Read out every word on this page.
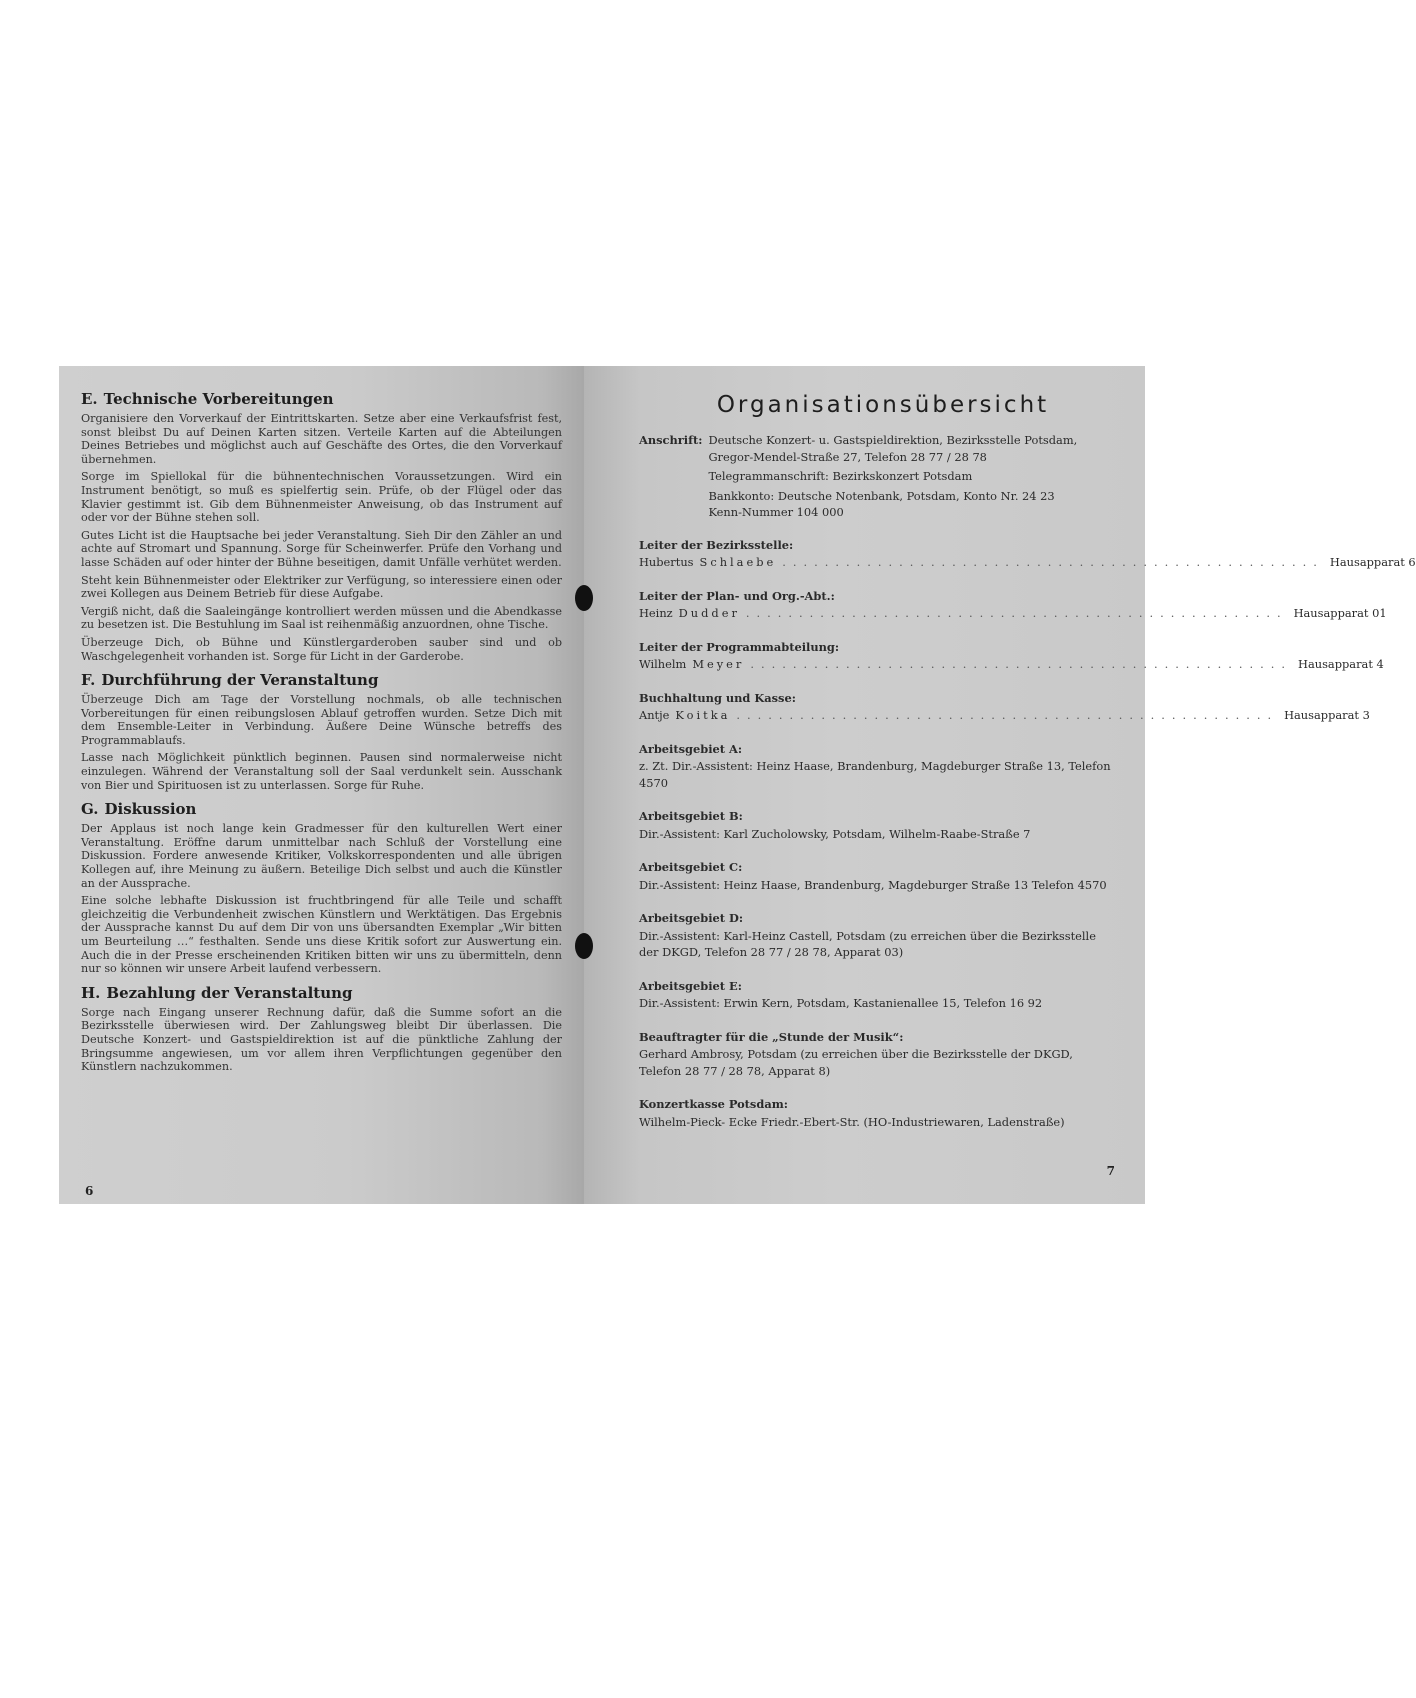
E. Technische Vorbereitungen

Organisiere den Vorverkauf der Eintrittskarten. Setze aber eine Verkaufsfrist fest, sonst bleibst Du auf Deinen Karten sitzen. Verteile Karten auf die Abteilungen Deines Betriebes und möglichst auch auf Geschäfte des Ortes, die den Vorverkauf übernehmen.

Sorge im Spiellokal für die bühnentechnischen Voraussetzungen. Wird ein Instrument benötigt, so muß es spielfertig sein. Prüfe, ob der Flügel oder das Klavier gestimmt ist. Gib dem Bühnenmeister Anweisung, ob das Instrument auf oder vor der Bühne stehen soll.

Gutes Licht ist die Hauptsache bei jeder Veranstaltung. Sieh Dir den Zähler an und achte auf Stromart und Spannung. Sorge für Scheinwerfer. Prüfe den Vorhang und lasse Schäden auf oder hinter der Bühne beseitigen, damit Unfälle verhütet werden.

Steht kein Bühnenmeister oder Elektriker zur Verfügung, so interessiere einen oder zwei Kollegen aus Deinem Betrieb für diese Aufgabe.

Vergiß nicht, daß die Saaleingänge kontrolliert werden müssen und die Abendkasse zu besetzen ist. Die Bestuhlung im Saal ist reihenmäßig anzuordnen, ohne Tische.

Überzeuge Dich, ob Bühne und Künstlergarderoben sauber sind und ob Waschgelegenheit vorhanden ist. Sorge für Licht in der Garderobe.

F. Durchführung der Veranstaltung

Überzeuge Dich am Tage der Vorstellung nochmals, ob alle technischen Vorbereitungen für einen reibungslosen Ablauf getroffen wurden. Setze Dich mit dem Ensemble-Leiter in Verbindung. Äußere Deine Wünsche betreffs des Programmablaufs.

Lasse nach Möglichkeit pünktlich beginnen. Pausen sind normalerweise nicht einzulegen. Während der Veranstaltung soll der Saal verdunkelt sein. Ausschank von Bier und Spirituosen ist zu unterlassen. Sorge für Ruhe.

G. Diskussion

Der Applaus ist noch lange kein Gradmesser für den kulturellen Wert einer Veranstaltung. Eröffne darum unmittelbar nach Schluß der Vorstellung eine Diskussion. Fordere anwesende Kritiker, Volkskorrespondenten und alle übrigen Kollegen auf, ihre Meinung zu äußern. Beteilige Dich selbst und auch die Künstler an der Aussprache.

Eine solche lebhafte Diskussion ist fruchtbringend für alle Teile und schafft gleichzeitig die Verbundenheit zwischen Künstlern und Werktätigen. Das Ergebnis der Aussprache kannst Du auf dem Dir von uns übersandten Exemplar „Wir bitten um Beurteilung …“ festhalten. Sende uns diese Kritik sofort zur Auswertung ein. Auch die in der Presse erscheinenden Kritiken bitten wir uns zu übermitteln, denn nur so können wir unsere Arbeit laufend verbessern.

H. Bezahlung der Veranstaltung

Sorge nach Eingang unserer Rechnung dafür, daß die Summe sofort an die Bezirksstelle überwiesen wird. Der Zahlungsweg bleibt Dir überlassen. Die Deutsche Konzert- und Gastspieldirektion ist auf die pünktliche Zahlung der Bringsumme angewiesen, um vor allem ihren Verpflichtungen gegenüber den Künstlern nachzukommen.

6
Organisationsübersicht
Anschrift: Deutsche Konzert- u. Gastspieldirektion, Bezirksstelle Potsdam,
Gregor-Mendel-Straße 27, Telefon 28 77 / 28 78
Telegrammanschrift: Bezirkskonzert Potsdam
Bankkonto: Deutsche Notenbank, Potsdam, Konto Nr. 24 23
Kenn-Nummer 104 000
Leiter der Bezirksstelle:
Hubertus Schlaebe ................................................... Hausapparat 6
Leiter der Plan- und Org.-Abt.:
Heinz Dudder ................................................... Hausapparat 01
Leiter der Programmabteilung:
Wilhelm Meyer ................................................... Hausapparat 4
Buchhaltung und Kasse:
Antje Koitka ................................................... Hausapparat 3
Arbeitsgebiet A:
z. Zt. Dir.-Assistent: Heinz Haase, Brandenburg, Magdeburger Straße 13, Telefon 4570
Arbeitsgebiet B:
Dir.-Assistent: Karl Zucholowsky, Potsdam, Wilhelm-Raabe-Straße 7
Arbeitsgebiet C:
Dir.-Assistent: Heinz Haase, Brandenburg, Magdeburger Straße 13 Telefon 4570
Arbeitsgebiet D:
Dir.-Assistent: Karl-Heinz Castell, Potsdam (zu erreichen über die Bezirksstelle der DKGD, Telefon 28 77 / 28 78, Apparat 03)
Arbeitsgebiet E:
Dir.-Assistent: Erwin Kern, Potsdam, Kastanienallee 15, Telefon 16 92
Beauftragter für die „Stunde der Musik“:
Gerhard Ambrosy, Potsdam (zu erreichen über die Bezirksstelle der DKGD, Telefon 28 77 / 28 78, Apparat 8)
Konzertkasse Potsdam:
Wilhelm-Pieck- Ecke Friedr.-Ebert-Str. (HO-Industriewaren, Ladenstraße)
7
